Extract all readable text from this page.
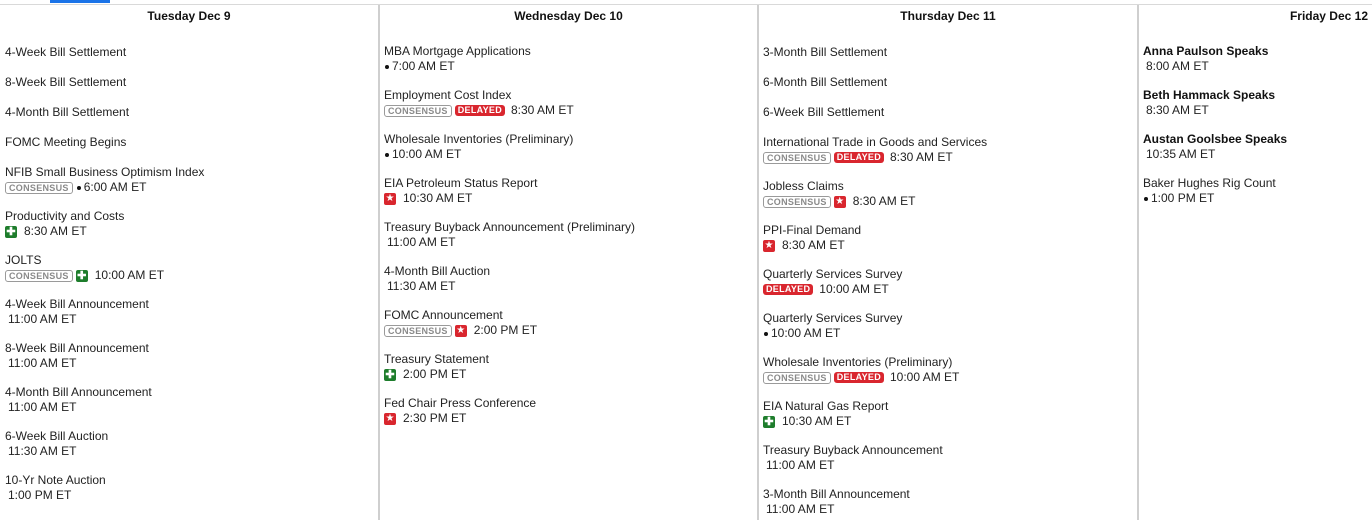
Tuesday Dec 9
4-Week Bill Settlement
8-Week Bill Settlement
4-Month Bill Settlement
FOMC Meeting Begins
NFIB Small Business Optimism Index
CONSENSUS	6:00 AM ET
Productivity and Costs
✚ 8:30 AM ET
JOLTS
CONSENSUS ✚ 10:00 AM ET
4-Week Bill Announcement
11:00 AM ET
8-Week Bill Announcement
11:00 AM ET
4-Month Bill Announcement
11:00 AM ET
6-Week Bill Auction
11:30 AM ET
10-Yr Note Auction
1:00 PM ET
Wednesday Dec 10
MBA Mortgage Applications
7:00 AM ET
Employment Cost Index
CONSENSUS	DELAYED 8:30 AM ET
Wholesale Inventories (Preliminary)
10:00 AM ET
EIA Petroleum Status Report
★ 10:30 AM ET
Treasury Buyback Announcement (Preliminary)
11:00 AM ET
4-Month Bill Auction
11:30 AM ET
FOMC Announcement
CONSENSUS ★ 2:00 PM ET
Treasury Statement
✚ 2:00 PM ET
Fed Chair Press Conference
★ 2:30 PM ET
Thursday Dec 11
3-Month Bill Settlement
6-Month Bill Settlement
6-Week Bill Settlement
International Trade in Goods and Services
CONSENSUS	DELAYED 8:30 AM ET
Jobless Claims
CONSENSUS ★ 8:30 AM ET
PPI-Final Demand
★ 8:30 AM ET
Quarterly Services Survey
DELAYED 10:00 AM ET
Quarterly Services Survey
10:00 AM ET
Wholesale Inventories (Preliminary)
CONSENSUS	DELAYED 10:00 AM ET
EIA Natural Gas Report
✚ 10:30 AM ET
Treasury Buyback Announcement
11:00 AM ET
3-Month Bill Announcement
11:00 AM ET
Friday Dec 12
Anna Paulson Speaks
8:00 AM ET
Beth Hammack Speaks
8:30 AM ET
Austan Goolsbee Speaks
10:35 AM ET
Baker Hughes Rig Count
1:00 PM ET
